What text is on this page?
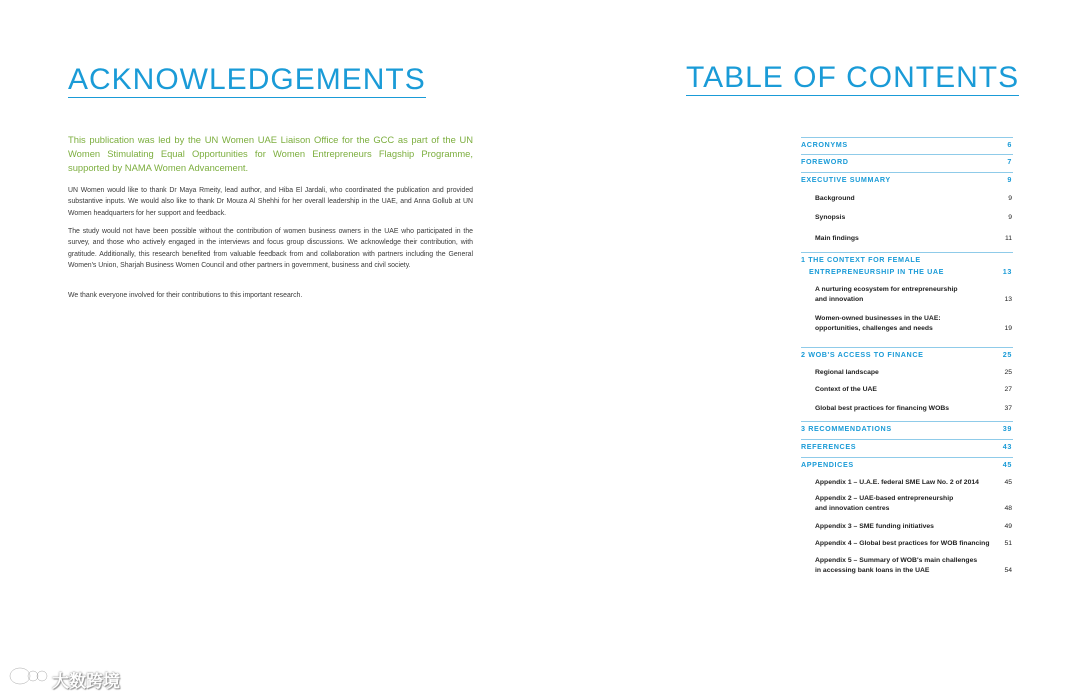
ACKNOWLEDGEMENTS

This publication was led by the UN Women UAE Liaison Office for the GCC as part of the UN Women Stimulating Equal Opportunities for Women Entrepreneurs Flagship Programme, supported by NAMA Women Advancement.

UN Women would like to thank Dr Maya Rmeity, lead author, and Hiba El Jardali, who coordinated the publication and provided substantive inputs. We would also like to thank Dr Mouza Al Shehhi for her overall leadership in the UAE, and Anna Gollub at UN Women headquarters for her support and feedback.

The study would not have been possible without the contribution of women business owners in the UAE who participated in the survey, and those who actively engaged in the interviews and focus group discussions. We acknowledge their contribution, with gratitude. Additionally, this research benefited from valuable feedback from and collaboration with partners including the General Women's Union, Sharjah Business Women Council and other partners in government, business and civil society.

We thank everyone involved for their contributions to this important research.

TABLE OF CONTENTS
ACRONYMS	6
FOREWORD	7
EXECUTIVE SUMMARY	9
Background	9
Synopsis	9
Main findings	11
1 THE CONTEXT FOR FEMALE
ENTREPRENEURSHIP IN THE UAE	13
A nurturing ecosystem for entrepreneurship
and innovation	13
Women-owned businesses in the UAE:
opportunities, challenges and needs	19
2 WOB'S ACCESS TO FINANCE	25
Regional landscape	25
Context of the UAE	27
Global best practices for financing WOBs	37
3 RECOMMENDATIONS	39
REFERENCES	43
APPENDICES	45
Appendix 1 – U.A.E. federal SME Law No. 2 of 2014	45
Appendix 2 – UAE-based entrepreneurship
and innovation centres	48
Appendix 3 – SME funding initiatives	49
Appendix 4 – Global best practices for WOB financing	51
Appendix 5 – Summary of WOB's main challenges
in accessing bank loans in the UAE	54
大数跨境
